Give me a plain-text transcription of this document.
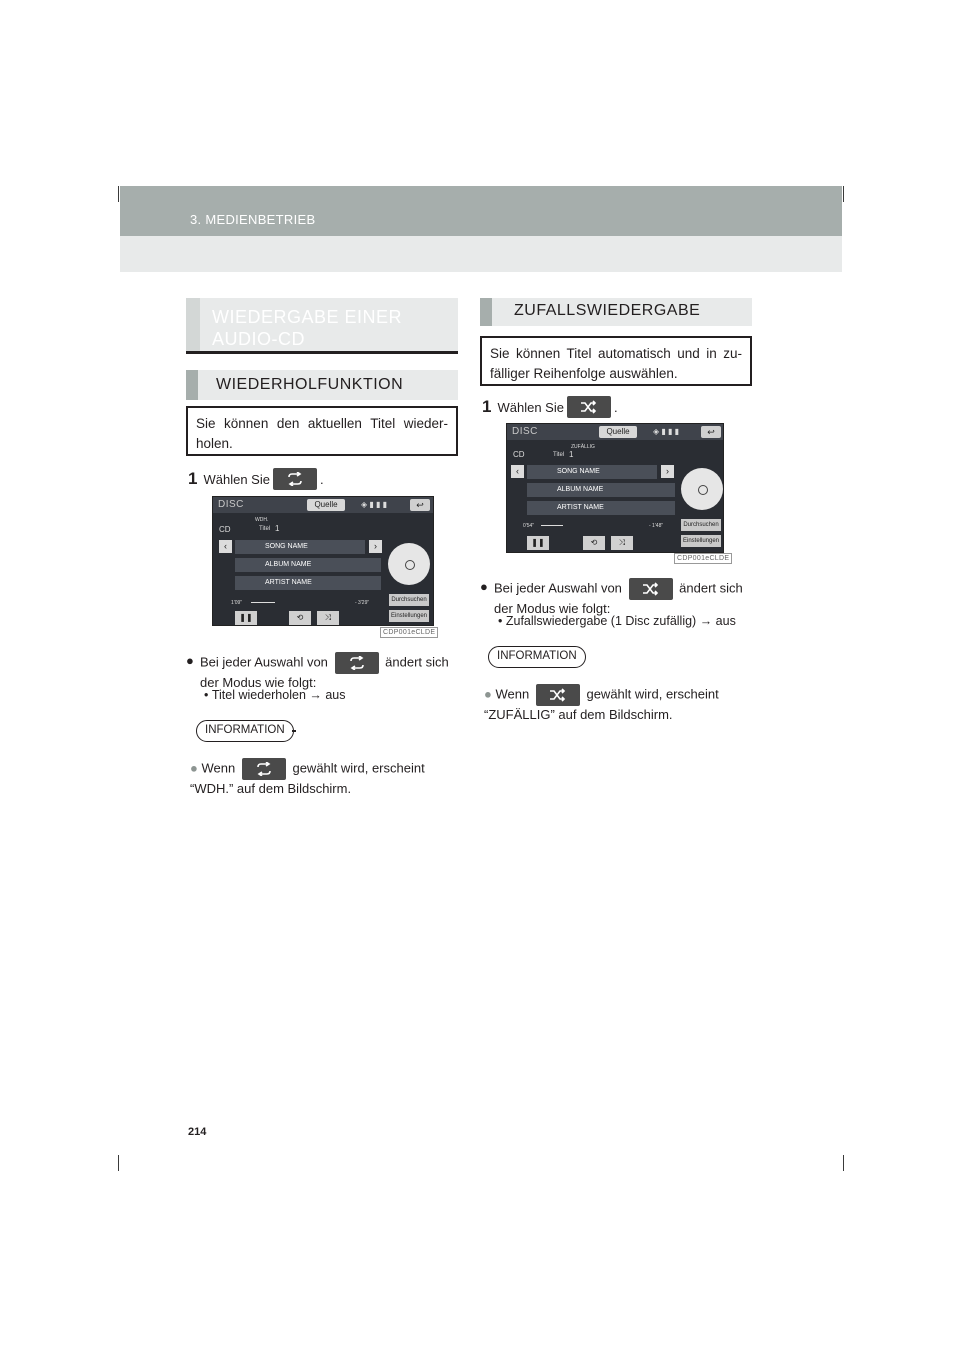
3. MEDIENBETRIEB
WIEDERGABE EINER AUDIO-CD
WIEDERHOLFUNKTION
Sie können den aktuellen Titel wieder-holen.
1 Wählen Sie	.
DISC	Quelle	◈ ▮ ▮ ▮	↩
WDH.
CD	Titel 1
‹	SONG NAME	›
ALBUM NAME
ARTIST NAME
1'09"	- 3'29"	Durchsuchen
Einstellungen
❚❚	⟲	⤨
CDP001eCLDE
● Bei jeder Auswahl von	ändert sich der Modus wie folgt:
• Titel wiederholen → aus
INFORMATION
● Wenn	gewählt wird, erscheint “WDH.” auf dem Bildschirm.
ZUFALLSWIEDERGABE
Sie können Titel automatisch und in zu-fälliger Reihenfolge auswählen.
1 Wählen Sie	.
DISC	Quelle	◈ ▮ ▮ ▮	↩
ZUFÄLLIG
CD	Titel 1
‹	SONG NAME	›
ALBUM NAME
ARTIST NAME
0'54"	- 1'48"	Durchsuchen
Einstellungen
❚❚	⟲	⤨
CDP001eCLDE
● Bei jeder Auswahl von	ändert sich der Modus wie folgt:
• Zufallswiedergabe (1 Disc zufällig) → aus
INFORMATION
● Wenn	gewählt wird, erscheint “ZUFÄLLIG” auf dem Bildschirm.
214
